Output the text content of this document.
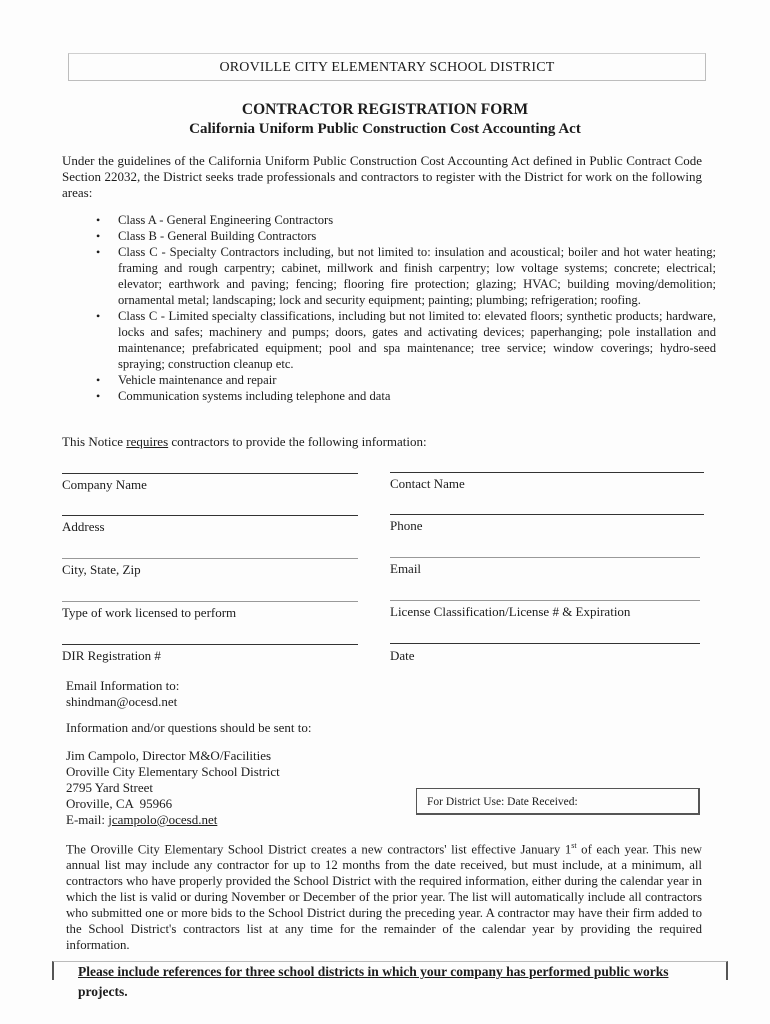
OROVILLE CITY ELEMENTARY SCHOOL DISTRICT
CONTRACTOR REGISTRATION FORM
California Uniform Public Construction Cost Accounting Act
Under the guidelines of the California Uniform Public Construction Cost Accounting Act defined in Public Contract Code Section 22032, the District seeks trade professionals and contractors to register with the District for work on the following areas:
• Class A - General Engineering Contractors
• Class B - General Building Contractors
• Class C - Specialty Contractors including, but not limited to: insulation and acoustical; boiler and hot water heating; framing and rough carpentry; cabinet, millwork and finish carpentry; low voltage systems; concrete; electrical; elevator; earthwork and paving; fencing; flooring fire protection; glazing; HVAC; building moving/demolition; ornamental metal; landscaping; lock and security equipment; painting; plumbing; refrigeration; roofing.
• Class C - Limited specialty classifications, including but not limited to: elevated floors; synthetic products; hardware, locks and safes; machinery and pumps; doors, gates and activating devices; paperhanging; pole installation and maintenance; prefabricated equipment; pool and spa maintenance; tree service; window coverings; hydro-seed spraying; construction cleanup etc.
• Vehicle maintenance and repair
• Communication systems including telephone and data
This Notice requires contractors to provide the following information:
Company Name	Contact Name
Address	Phone
City, State, Zip	Email
Type of work licensed to perform	License Classification/License # & Expiration
DIR Registration #	Date
Email Information to:
shindman@ocesd.net
Information and/or questions should be sent to:
Jim Campolo, Director M&O/Facilities
Oroville City Elementary School District
2795 Yard Street
Oroville, CA  95966
E-mail: jcampolo@ocesd.net
For District Use: Date Received:
The Oroville City Elementary School District creates a new contractors' list effective January 1st of each year. This new annual list may include any contractor for up to 12 months from the date received, but must include, at a minimum, all contractors who have properly provided the School District with the required information, either during the calendar year in which the list is valid or during November or December of the prior year. The list will automatically include all contractors who submitted one or more bids to the School District during the preceding year. A contractor may have their firm added to the School District's contractors list at any time for the remainder of the calendar year by providing the required information.
Please include references for three school districts in which your company has performed public works
projects.
